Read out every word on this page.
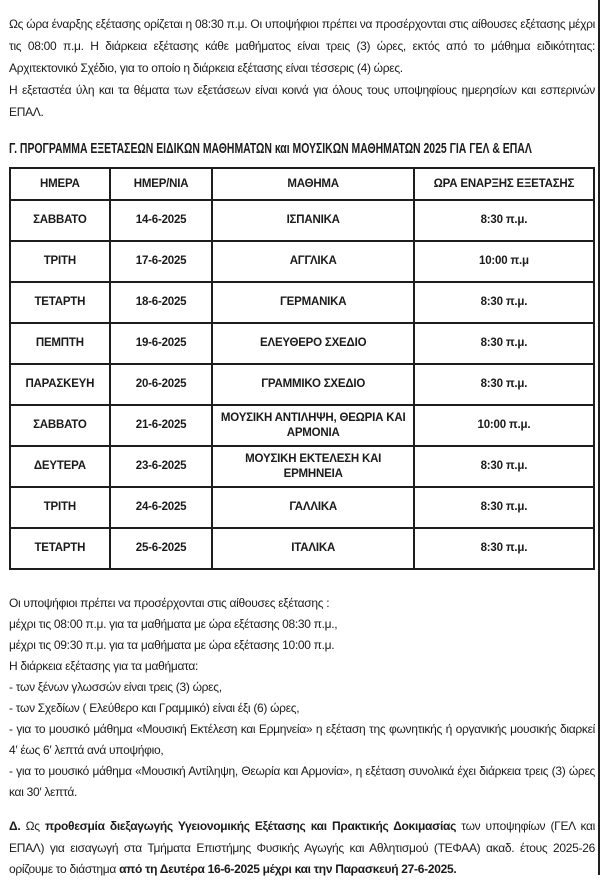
Ως ώρα έναρξης εξέτασης ορίζεται η 08:30 π.μ. Οι υποψήφιοι πρέπει να προσέρχονται στις αίθουσες εξέτασης μέχρι τις 08:00 π.μ. Η διάρκεια εξέτασης κάθε μαθήματος είναι τρεις (3) ώρες, εκτός από το μάθημα ειδικότητας: Αρχιτεκτονικό Σχέδιο, για το οποίο η διάρκεια εξέτασης είναι τέσσερις (4) ώρες.

Η εξεταστέα ύλη και τα θέματα των εξετάσεων είναι κοινά για όλους τους υποψηφίους ημερησίων και εσπερινών ΕΠΑΛ.

Γ. ΠΡΟΓΡΑΜΜΑ ΕΞΕΤΑΣΕΩΝ ΕΙΔΙΚΩΝ ΜΑΘΗΜΑΤΩΝ και ΜΟΥΣΙΚΩΝ ΜΑΘΗΜΑΤΩΝ 2025 ΓΙΑ ΓΕΛ & ΕΠΑΛ
ΗΜΕΡΑ	ΗΜΕΡ/ΝΙΑ	ΜΑΘΗΜΑ	ΩΡΑ ΕΝΑΡΞΗΣ ΕΞΕΤΑΣΗΣ
ΣΑΒΒΑΤΟ	14-6-2025	ΙΣΠΑΝΙΚΑ	8:30 π.μ.
ΤΡΙΤΗ	17-6-2025	ΑΓΓΛΙΚΑ	10:00 π.μ
ΤΕΤΑΡΤΗ	18-6-2025	ΓΕΡΜΑΝΙΚΑ	8:30 π.μ.
ΠΕΜΠΤΗ	19-6-2025	ΕΛΕΥΘΕΡΟ ΣΧΕΔΙΟ	8:30 π.μ.
ΠΑΡΑΣΚΕΥΗ	20-6-2025	ΓΡΑΜΜΙΚΟ ΣΧΕΔΙΟ	8:30 π.μ.
ΣΑΒΒΑΤΟ	21-6-2025	ΜΟΥΣΙΚΗ ΑΝΤΙΛΗΨΗ, ΘΕΩΡΙΑ ΚΑΙ ΑΡΜΟΝΙΑ	10:00 π.μ.
ΔΕΥΤΕΡΑ	23-6-2025	ΜΟΥΣΙΚΗ ΕΚΤΕΛΕΣΗ ΚΑΙ ΕΡΜΗΝΕΙΑ	8:30 π.μ.
ΤΡΙΤΗ	24-6-2025	ΓΑΛΛΙΚΑ	8:30 π.μ.
ΤΕΤΑΡΤΗ	25-6-2025	ΙΤΑΛΙΚΑ	8:30 π.μ.
Οι υποψήφιοι πρέπει να προσέρχονται στις αίθουσες εξέτασης :
μέχρι τις 08:00 π.μ. για τα μαθήματα με ώρα εξέτασης 08:30 π.μ.,
μέχρι τις 09:30 π.μ. για τα μαθήματα με ώρα εξέτασης 10:00 π.μ.
Η διάρκεια εξέτασης για τα μαθήματα:
- των ξένων γλωσσών είναι τρεις (3) ώρες,
- των Σχεδίων ( Ελεύθερο και Γραμμικό) είναι έξι (6) ώρες,
- για το μουσικό μάθημα «Μουσική Εκτέλεση και Ερμηνεία» η εξέταση της φωνητικής ή οργανικής μουσικής διαρκεί 4′ έως 6′ λεπτά ανά υποψήφιο,
- για το μουσικό μάθημα «Μουσική Αντίληψη, Θεωρία και Αρμονία», η εξέταση συνολικά έχει διάρκεια τρεις (3) ώρες και 30′ λεπτά.

Δ. Ως προθεσμία διεξαγωγής Υγειονομικής Εξέτασης και Πρακτικής Δοκιμασίας των υποψηφίων (ΓΕΛ και ΕΠΑΛ) για εισαγωγή στα Τμήματα Επιστήμης Φυσικής Αγωγής και Αθλητισμού (ΤΕΦΑΑ) ακαδ. έτους 2025-26 ορίζουμε το διάστημα από τη Δευτέρα 16-6-2025 μέχρι και την Παρασκευή 27-6-2025.
